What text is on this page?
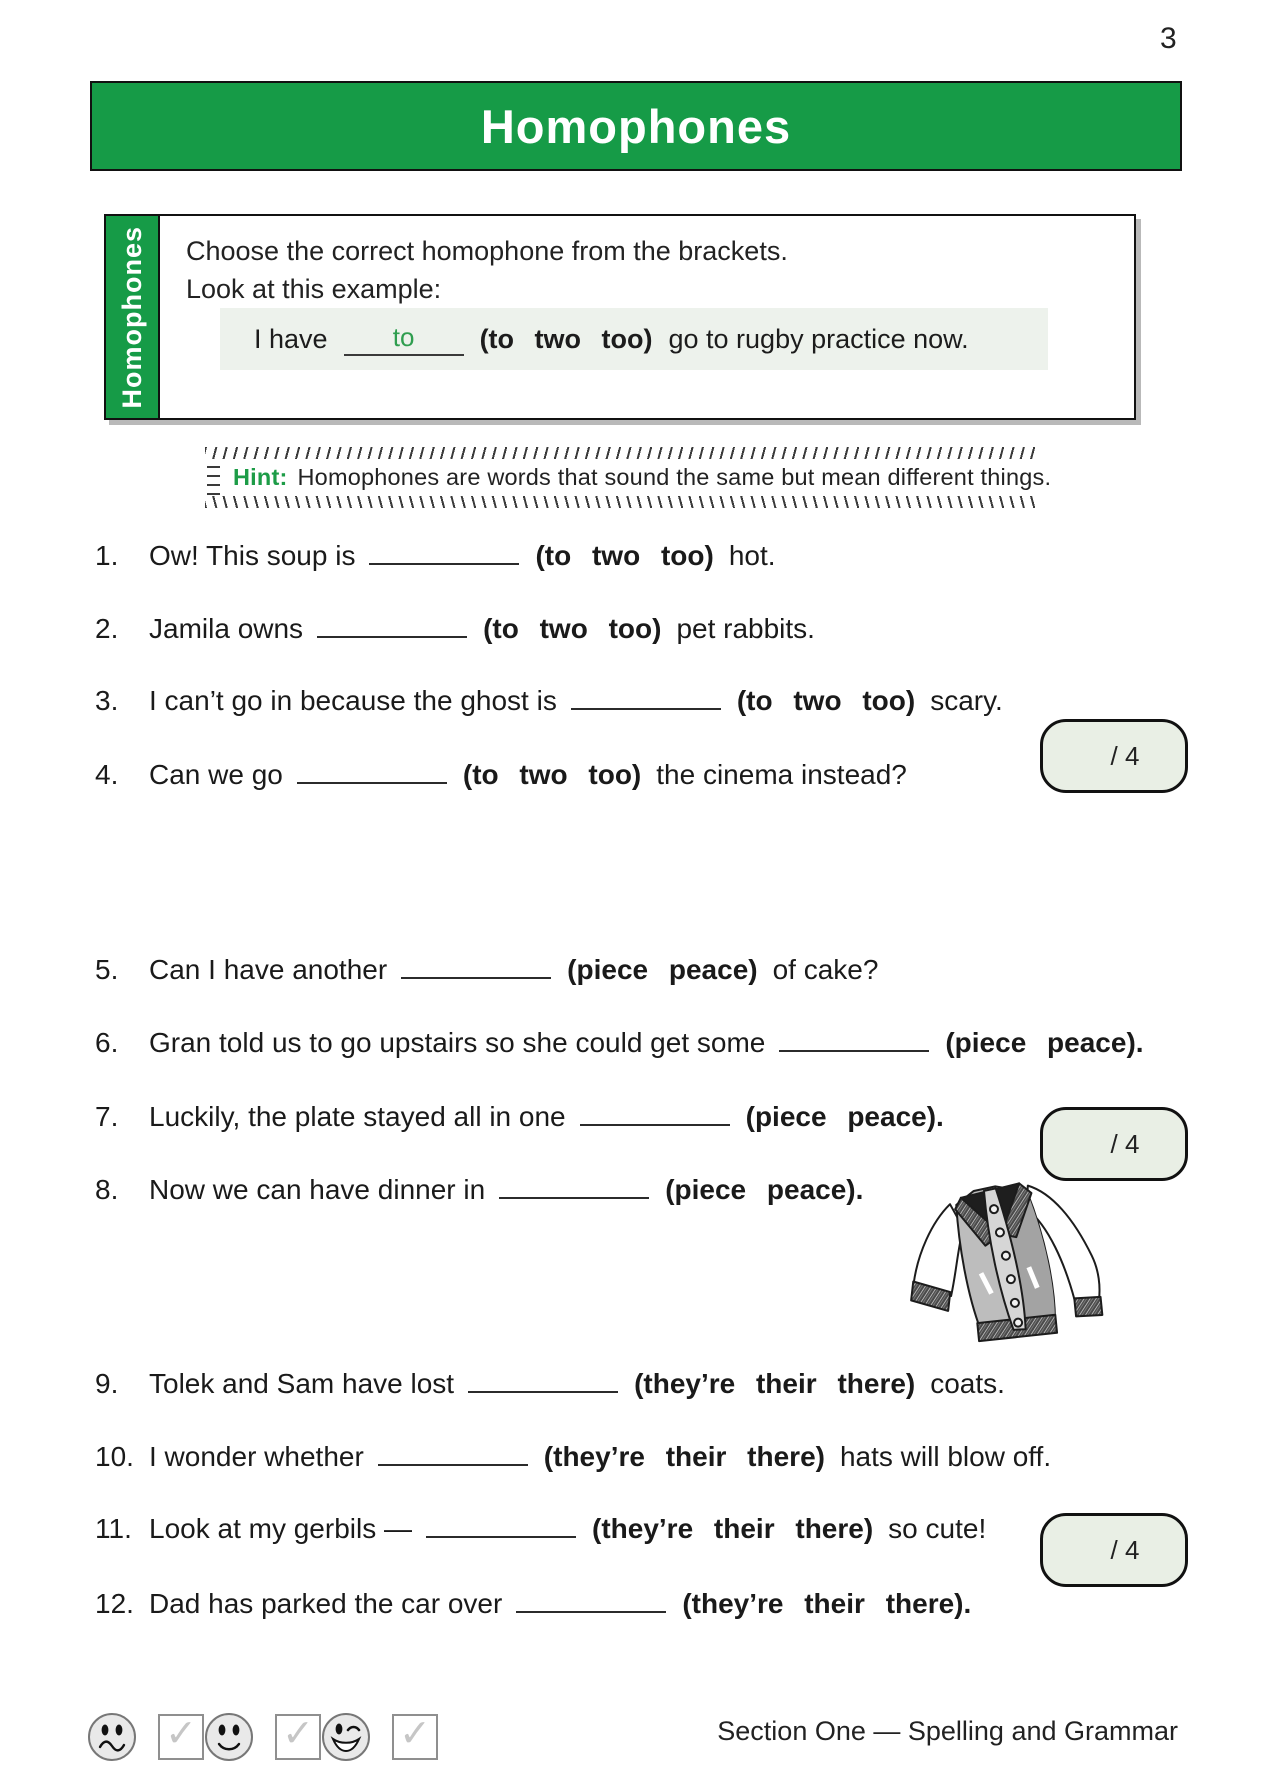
3
Homophones
Homophones Choose the correct homophone from the brackets.
Look at this example:
I have	to	(to two too) go to rugby practice now.
Hint: Homophones are words that sound the same but mean different things.
1. Ow! This soup is	(to two too) hot.
2. Jamila owns	(to two too) pet rabbits.
3. I can’t go in because the ghost is	(to two too) scary.
4. Can we go	(to two too) the cinema instead?
5. Can I have another	(piece peace) of cake?
6. Gran told us to go upstairs so she could get some	(piece peace).
7. Luckily, the plate stayed all in one	(piece peace).
8. Now we can have dinner in	(piece peace).
9. Tolek and Sam have lost	(they’re their there) coats.
10. I wonder whether	(they’re their there) hats will blow off.
11. Look at my gerbils —	(they’re their there) so cute!
12. Dad has parked the car over	(they’re their there).
/ 4
/ 4
/ 4
✓ ✓ ✓	Section One — Spelling and Grammar
